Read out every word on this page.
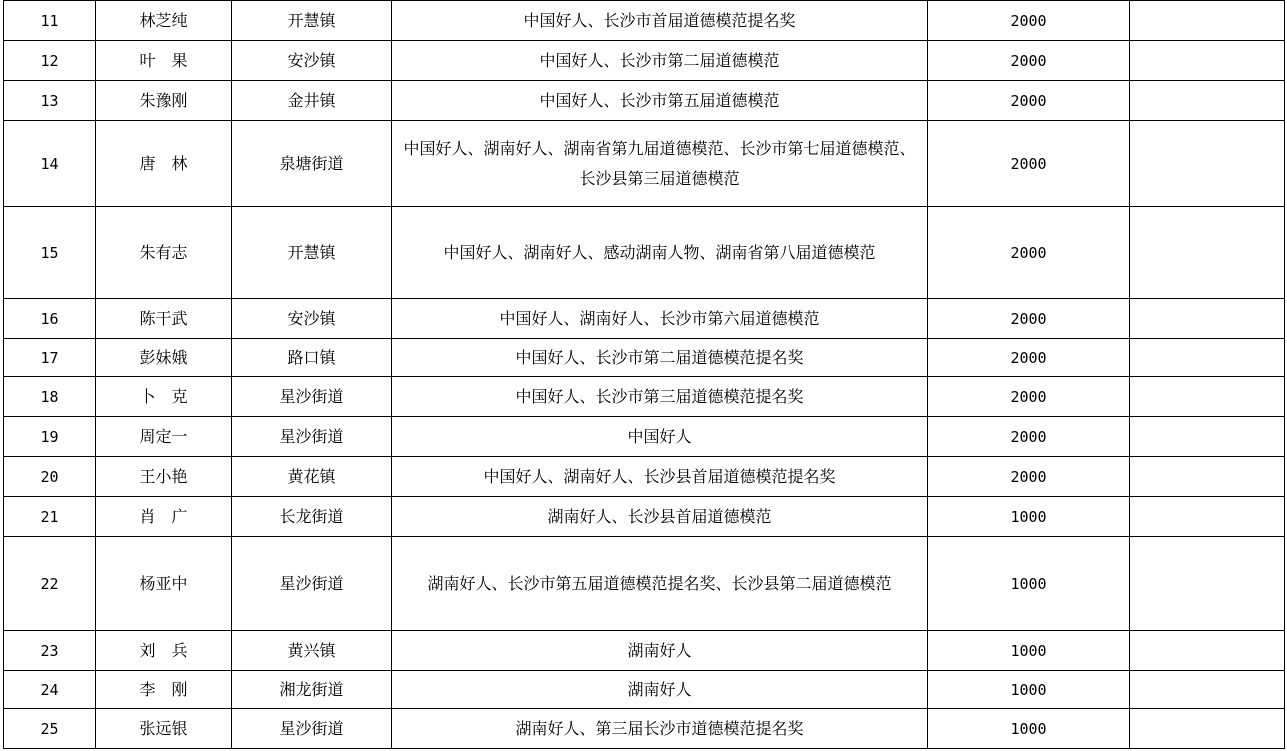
11	林芝纯	开慧镇	中国好人、长沙市首届道德模范提名奖	2000	
12	叶　果	安沙镇	中国好人、长沙市第二届道德模范	2000	
13	朱豫刚	金井镇	中国好人、长沙市第五届道德模范	2000	
14	唐　林	泉塘街道	中国好人、湖南好人、湖南省第九届道德模范、长沙市第七届道德模范、长沙县第三届道德模范	2000	
15	朱有志	开慧镇	中国好人、湖南好人、感动湖南人物、湖南省第八届道德模范	2000	
16	陈干武	安沙镇	中国好人、湖南好人、长沙市第六届道德模范	2000	
17	彭妹娥	路口镇	中国好人、长沙市第二届道德模范提名奖	2000	
18	卜　克	星沙街道	中国好人、长沙市第三届道德模范提名奖	2000	
19	周定一	星沙街道	中国好人	2000	
20	王小艳	黄花镇	中国好人、湖南好人、长沙县首届道德模范提名奖	2000	
21	肖　广	长龙街道	湖南好人、长沙县首届道德模范	1000	
22	杨亚中	星沙街道	湖南好人、长沙市第五届道德模范提名奖、长沙县第二届道德模范	1000	
23	刘　兵	黄兴镇	湖南好人	1000	
24	李　刚	湘龙街道	湖南好人	1000	
25	张远银	星沙街道	湖南好人、第三届长沙市道德模范提名奖	1000	
